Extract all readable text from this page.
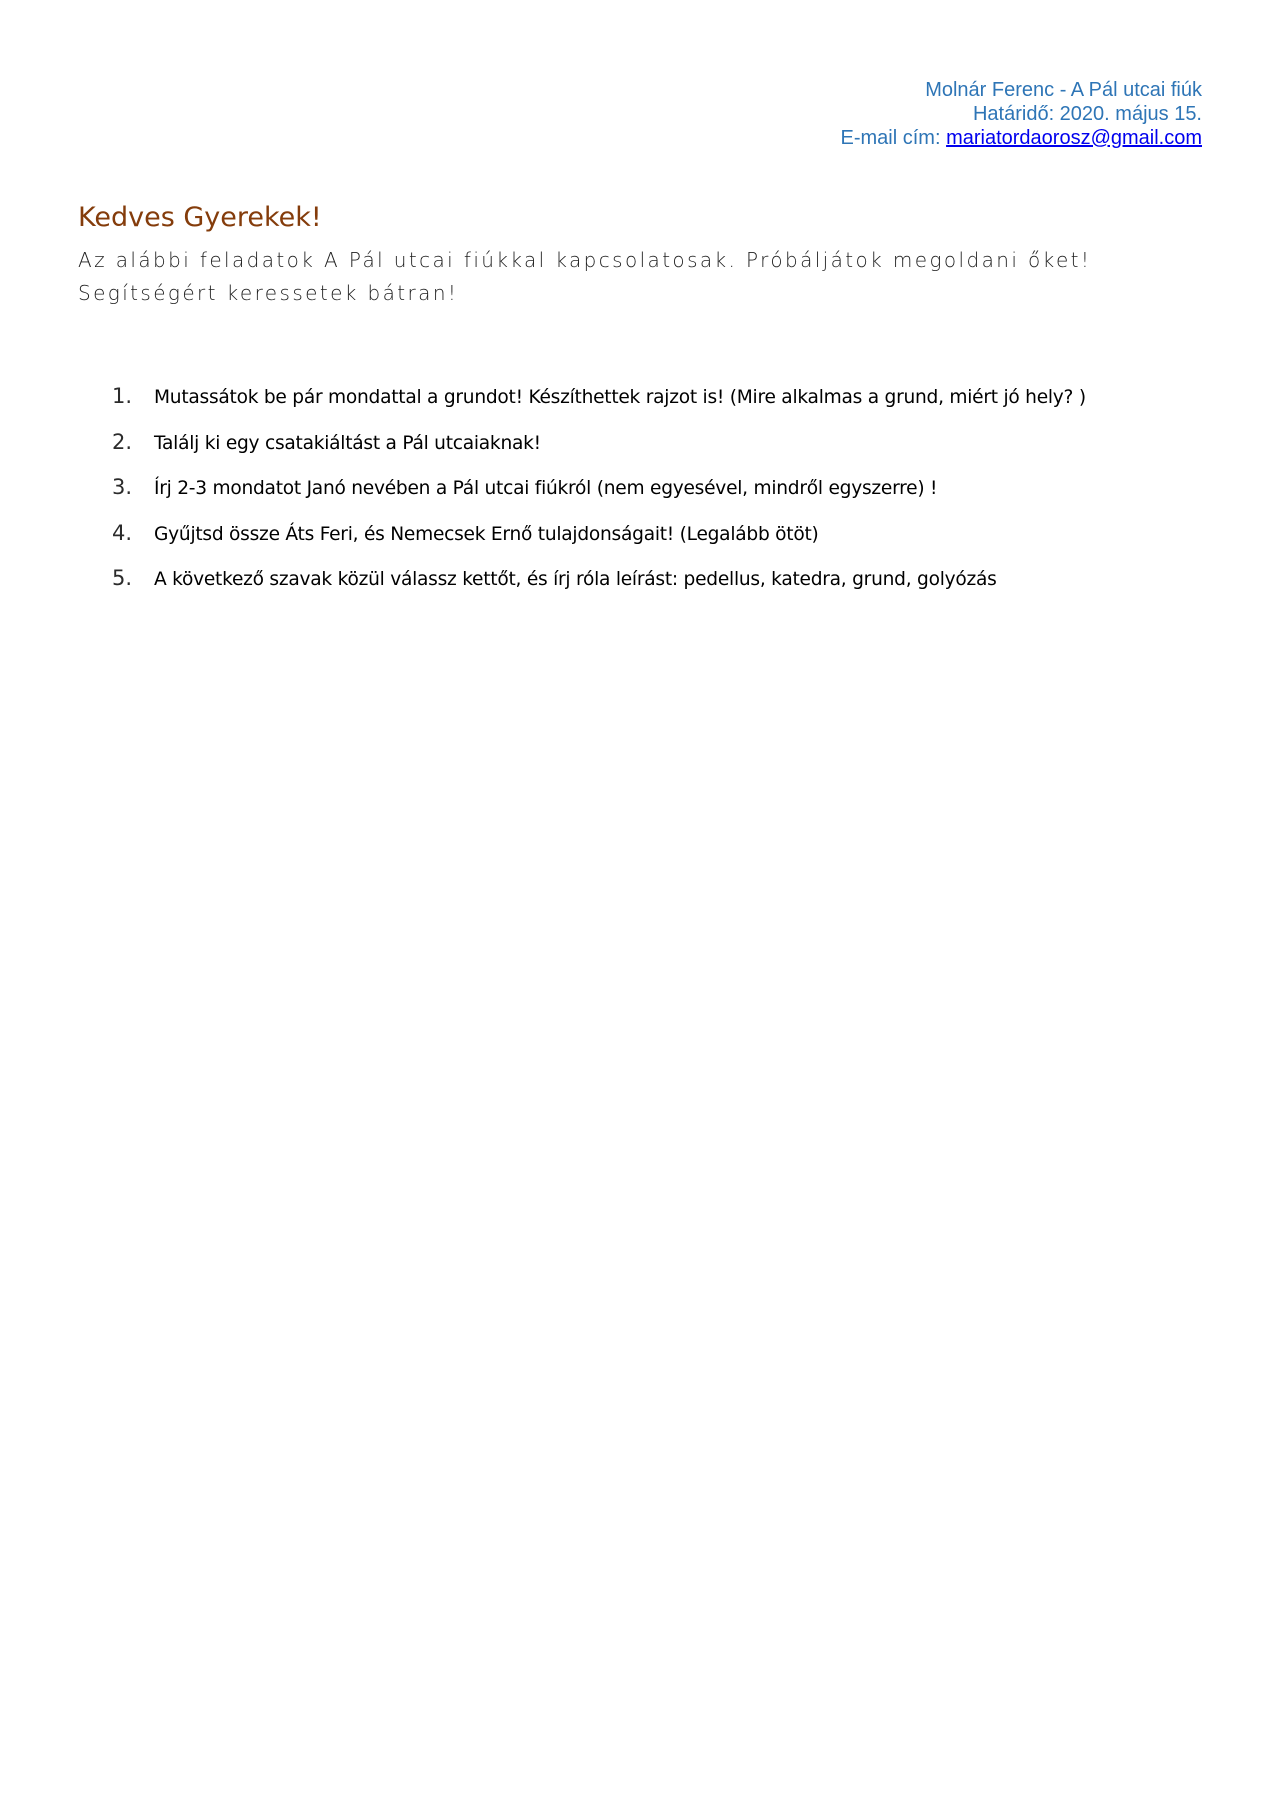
Molnár Ferenc - A Pál utcai fiúk
Határidő: 2020. május 15.
E-mail cím: mariatordaorosz@gmail.com
Kedves Gyerekek!

Az alábbi feladatok A Pál utcai fiúkkal kapcsolatosak. Próbáljátok megoldani őket! Segítségért keressetek bátran!

1. Mutassátok be pár mondattal a grundot! Készíthettek rajzot is! (Mire alkalmas a grund, miért jó hely? )
2. Találj ki egy csatakiáltást a Pál utcaiaknak!
3. Írj 2-3 mondatot Janó nevében a Pál utcai fiúkról (nem egyesével, mindről egyszerre) !
4. Gyűjtsd össze Áts Feri, és Nemecsek Ernő tulajdonságait! (Legalább ötöt)
5. A következő szavak közül válassz kettőt, és írj róla leírást: pedellus, katedra, grund, golyózás
